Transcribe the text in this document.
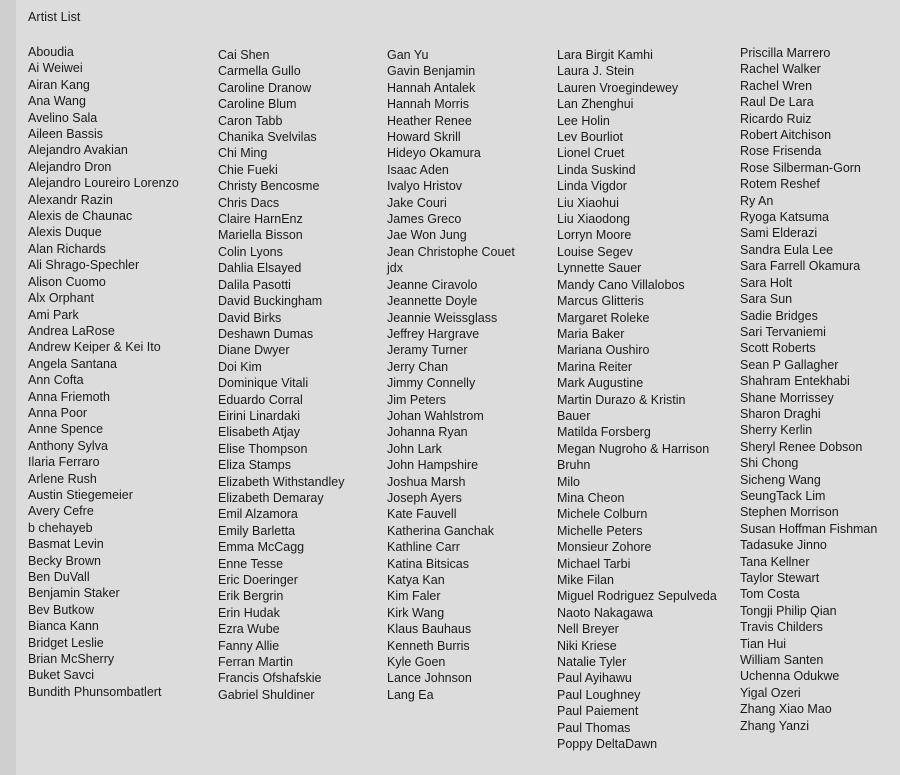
Artist List
Aboudia
Ai Weiwei
Airan Kang
Ana Wang
Avelino Sala
Aileen Bassis
Alejandro Avakian
Alejandro Dron
Alejandro Loureiro Lorenzo
Alexandr Razin
Alexis de Chaunac
Alexis Duque
Alan Richards
Ali Shrago-Spechler
Alison Cuomo
Alx Orphant
Ami Park
Andrea LaRose
Andrew Keiper & Kei Ito
Angela Santana
Ann Cofta
Anna Friemoth
Anna Poor
Anne Spence
Anthony Sylva
Ilaria Ferraro
Arlene Rush
Austin Stiegemeier
Avery Cefre
b chehayeb
Basmat Levin
Becky Brown
Ben DuVall
Benjamin Staker
Bev Butkow
Bianca Kann
Bridget Leslie
Brian McSherry
Buket Savci
Bundith Phunsombatlert
Cai Shen
Carmella Gullo
Caroline Dranow
Caroline Blum
Caron Tabb
Chanika Svelvilas
Chi Ming
Chie Fueki
Christy Bencosme
Chris Dacs
Claire HarnEnz
Mariella Bisson
Colin Lyons
Dahlia Elsayed
Dalila Pasotti
David Buckingham
David Birks
Deshawn Dumas
Diane Dwyer
Doi Kim
Dominique Vitali
Eduardo Corral
Eirini Linardaki
Elisabeth Atjay
Elise Thompson
Eliza Stamps
Elizabeth Withstandley
Elizabeth Demaray
Emil Alzamora
Emily Barletta
Emma McCagg
Enne Tesse
Eric Doeringer
Erik Bergrin
Erin Hudak
Ezra Wube
Fanny Allie
Ferran Martin
Francis Ofshafskie
Gabriel Shuldiner
Gan Yu
Gavin Benjamin
Hannah Antalek
Hannah Morris
Heather Renee
Howard Skrill
Hideyo Okamura
Isaac Aden
Ivalyo Hristov
Jake Couri
James Greco
Jae Won Jung
Jean Christophe Couet
jdx
Jeanne Ciravolo
Jeannette Doyle
Jeannie Weissglass
Jeffrey Hargrave
Jeramy Turner
Jerry Chan
Jimmy Connelly
Jim Peters
Johan Wahlstrom
Johanna Ryan
John Lark
John Hampshire
Joshua Marsh
Joseph Ayers
Kate Fauvell
Katherina Ganchak
Kathline Carr
Katina Bitsicas
Katya Kan
Kim Faler
Kirk Wang
Klaus Bauhaus
Kenneth Burris
Kyle Goen
Lance Johnson
Lang Ea
Lara Birgit Kamhi
Laura J. Stein
Lauren Vroegindewey
Lan Zhenghui
Lee Holin
Lev Bourliot
Lionel Cruet
Linda Suskind
Linda Vigdor
Liu Xiaohui
Liu Xiaodong
Lorryn Moore
Louise Segev
Lynnette Sauer
Mandy Cano Villalobos
Marcus Glitteris
Margaret Roleke
Maria Baker
Mariana Oushiro
Marina Reiter
Mark Augustine
Martin Durazo & Kristin
Bauer
Matilda Forsberg
Megan Nugroho & Harrison
Bruhn
Milo
Mina Cheon
Michele Colburn
Michelle Peters
Monsieur Zohore
Michael Tarbi
Mike Filan
Miguel Rodriguez Sepulveda
Naoto Nakagawa
Nell Breyer
Niki Kriese
Natalie Tyler
Paul Ayihawu
Paul Loughney
Paul Paiement
Paul Thomas
Poppy DeltaDawn
Priscilla Marrero
Rachel Walker
Rachel Wren
Raul De Lara
Ricardo Ruiz
Robert Aitchison
Rose Frisenda
Rose Silberman-Gorn
Rotem Reshef
Ry An
Ryoga Katsuma
Sami Elderazi
Sandra Eula Lee
Sara Farrell Okamura
Sara Holt
Sara Sun
Sadie Bridges
Sari Tervaniemi
Scott Roberts
Sean P Gallagher
Shahram Entekhabi
Shane Morrissey
Sharon Draghi
Sherry Kerlin
Sheryl Renee Dobson
Shi Chong
Sicheng Wang
SeungTack Lim
Stephen Morrison
Susan Hoffman Fishman
Tadasuke Jinno
Tana Kellner
Taylor Stewart
Tom Costa
Tongji Philip Qian
Travis Childers
Tian Hui
William Santen
Uchenna Odukwe
Yigal Ozeri
Zhang Xiao Mao
Zhang Yanzi
